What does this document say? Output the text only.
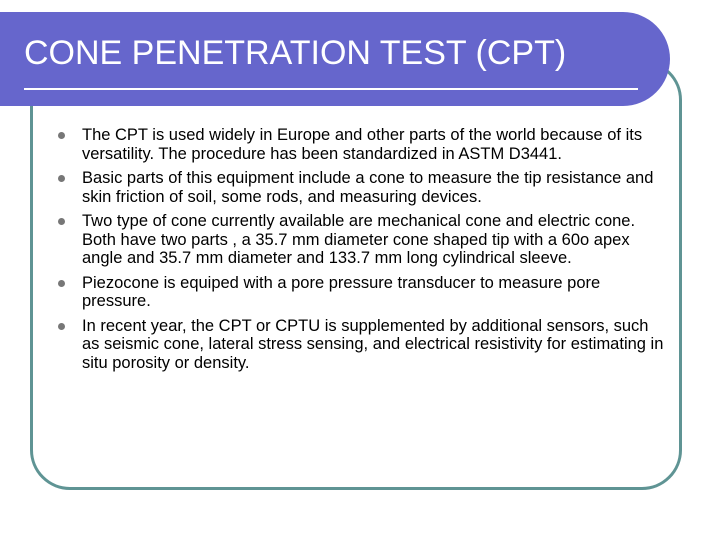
CONE PENETRATION TEST (CPT)
The CPT is used widely in Europe and other parts of the world because of its versatility. The procedure has been standardized in ASTM D3441.
Basic parts of this equipment include a cone to measure the tip resistance and skin friction of soil, some rods, and measuring devices.
Two type of cone currently available are mechanical cone and electric cone. Both have two parts , a 35.7 mm diameter cone shaped tip with a 60o apex angle and 35.7 mm diameter and 133.7 mm long cylindrical sleeve.
Piezocone is equiped with a pore pressure transducer to measure pore pressure.
In recent year, the CPT or CPTU is supplemented by additional sensors, such as seismic cone, lateral stress sensing, and electrical resistivity for estimating in situ porosity or density.
